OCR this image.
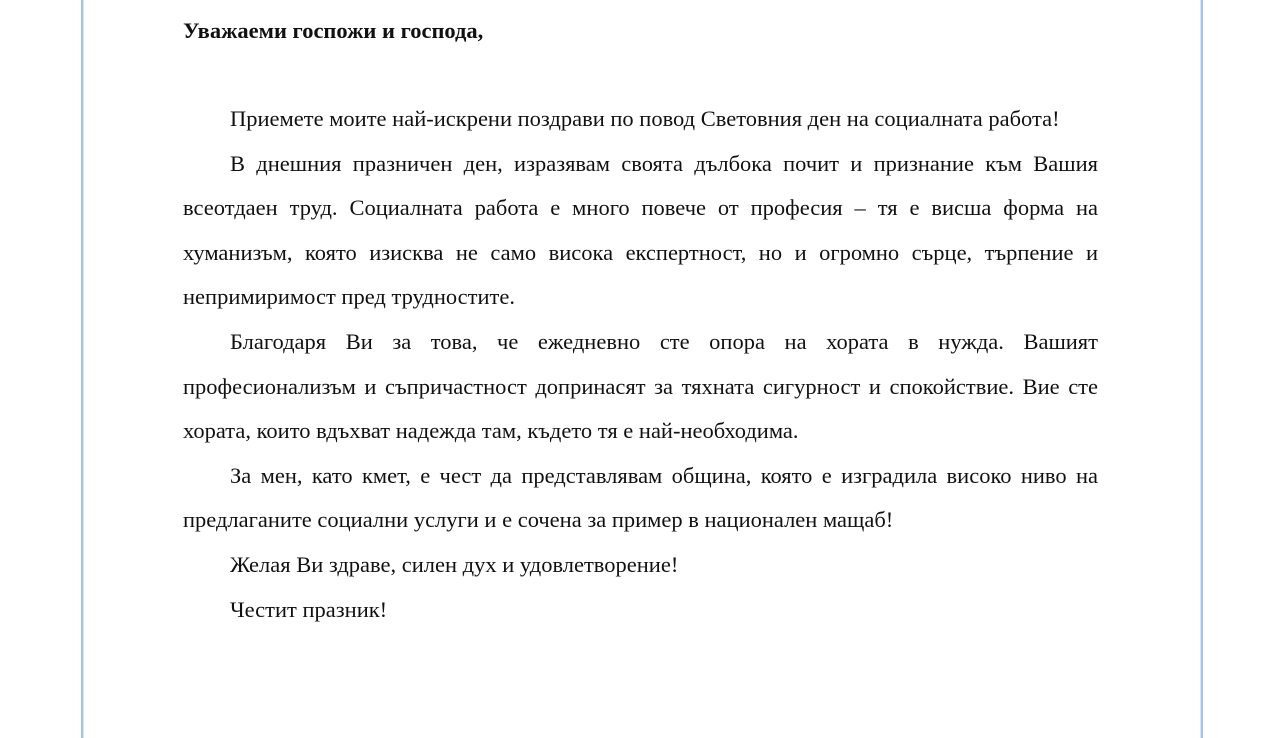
Уважаеми госпожи и господа,

Приемете моите най-искрени поздрави по повод Световния ден на социалната работа!

В днешния празничен ден, изразявам своята дълбока почит и признание към Вашия всеотдаен труд. Социалната работа е много повече от професия – тя е висша форма на хуманизъм, която изисква не само висока експертност, но и огромно сърце, търпение и непримиримост пред трудностите.

Благодаря Ви за това, че ежедневно сте опора на хората в нужда. Вашият професионализъм и съпричастност допринасят за тяхната сигурност и спокойствие. Вие сте хората, които вдъхват надежда там, където тя е най-необходима.

За мен, като кмет, е чест да представлявам община, която е изградила високо ниво на предлаганите социални услуги и е сочена за пример в национален мащаб!

Желая Ви здраве, силен дух и удовлетворение!

Честит празник!
